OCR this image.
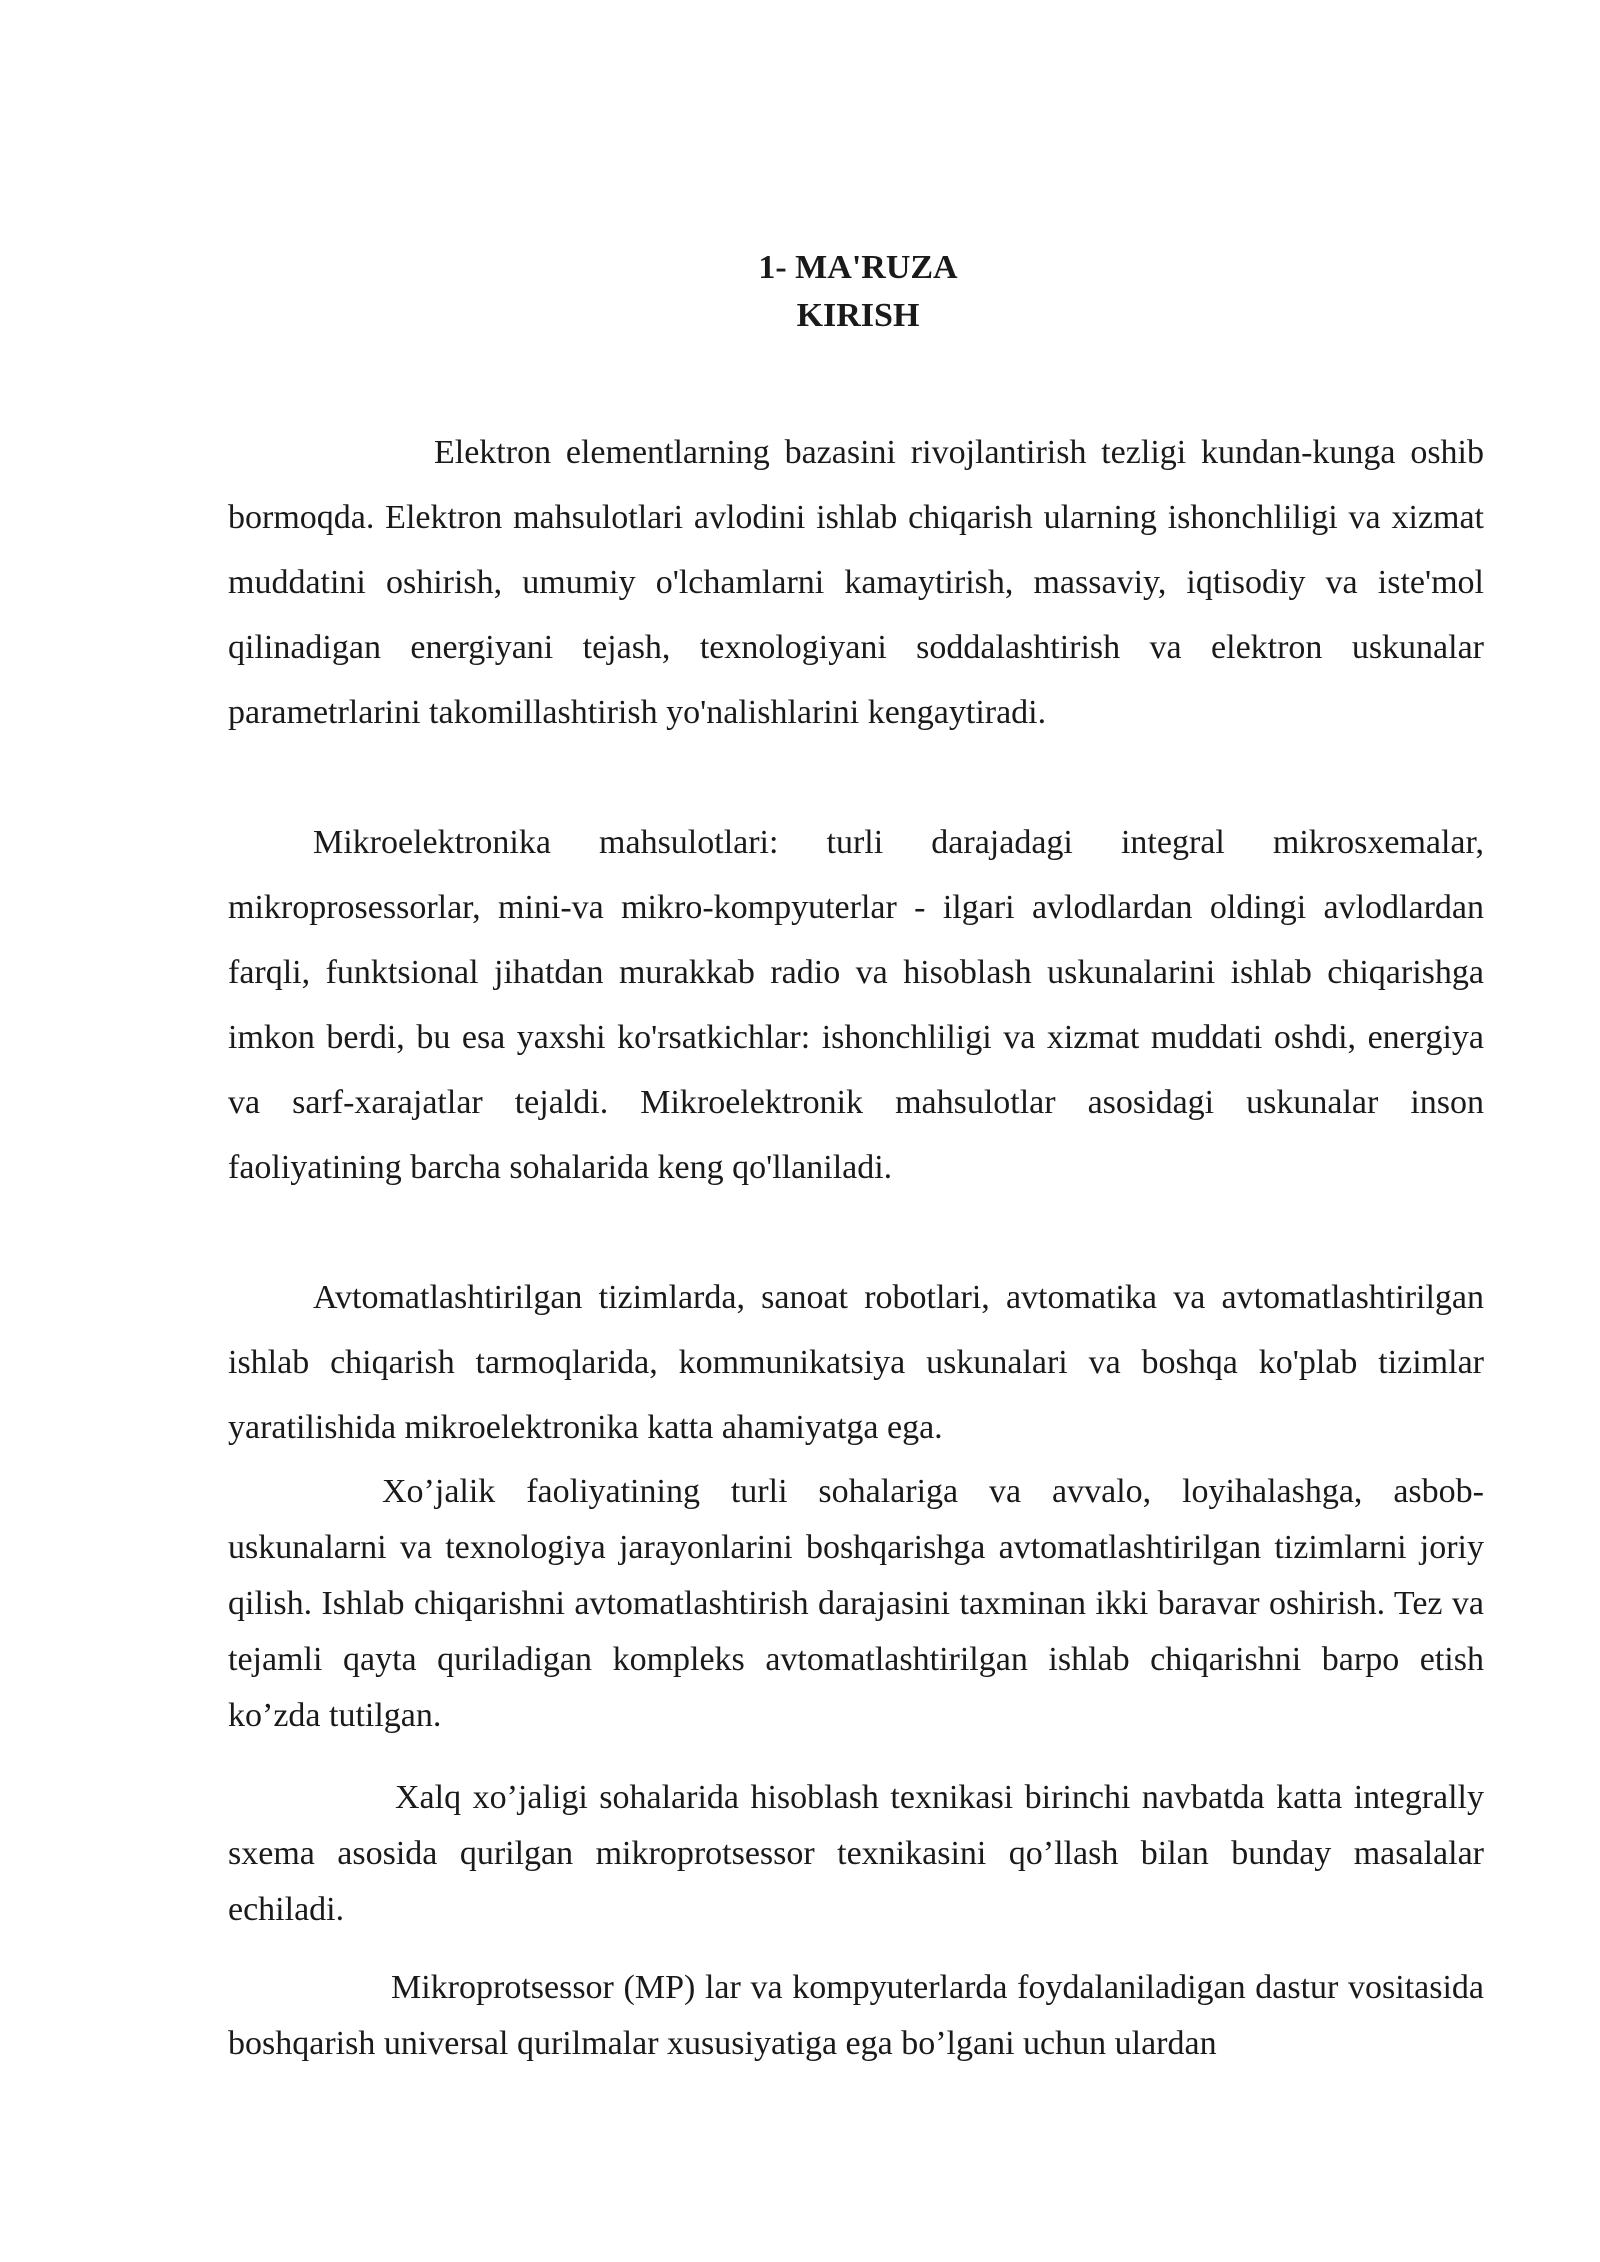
1- MA'RUZA
KIRISH

Elektron elementlarning bazasini rivojlantirish tezligi kundan-kunga oshib bormoqda. Elektron mahsulotlari avlodini ishlab chiqarish ularning ishonchliligi va xizmat muddatini oshirish, umumiy o'lchamlarni kamaytirish, massaviy, iqtisodiy va iste'mol qilinadigan energiyani tejash, texnologiyani soddalashtirish va elektron uskunalar parametrlarini takomillashtirish yo'nalishlarini kengaytiradi.

Mikroelektronika mahsulotlari: turli darajadagi integral mikrosxemalar, mikroprosessorlar, mini-va mikro-kompyuterlar - ilgari avlodlardan oldingi avlodlardan farqli, funktsional jihatdan murakkab radio va hisoblash uskunalarini ishlab chiqarishga imkon berdi, bu esa yaxshi ko'rsatkichlar: ishonchliligi va xizmat muddati oshdi, energiya va sarf-xarajatlar tejaldi. Mikroelektronik mahsulotlar asosidagi uskunalar inson faoliyatining barcha sohalarida keng qo'llaniladi.

Avtomatlashtirilgan tizimlarda, sanoat robotlari, avtomatika va avtomatlashtirilgan ishlab chiqarish tarmoqlarida, kommunikatsiya uskunalari va boshqa ko'plab tizimlar yaratilishida mikroelektronika katta ahamiyatga ega.

Xo’jalik faoliyatining turli sohalariga va avvalo, loyihalashga, asbob-uskunalarni va texnologiya jarayonlarini boshqarishga avtomatlashtirilgan tizimlarni joriy qilish. Ishlab chiqarishni avtomatlashtirish darajasini taxminan ikki baravar oshirish. Tez va tejamli qayta quriladigan kompleks avtomatlashtirilgan ishlab chiqarishni barpo etish ko’zda tutilgan.

Xalq xo’jaligi sohalarida hisoblash texnikasi birinchi navbatda katta integrally sxema asosida qurilgan mikroprotsessor texnikasini qo’llash bilan bunday masalalar echiladi.

Mikroprotsessor (MP) lar va kompyuterlarda foydalaniladigan dastur vositasida boshqarish universal qurilmalar xususiyatiga ega bo’lgani uchun ulardan
